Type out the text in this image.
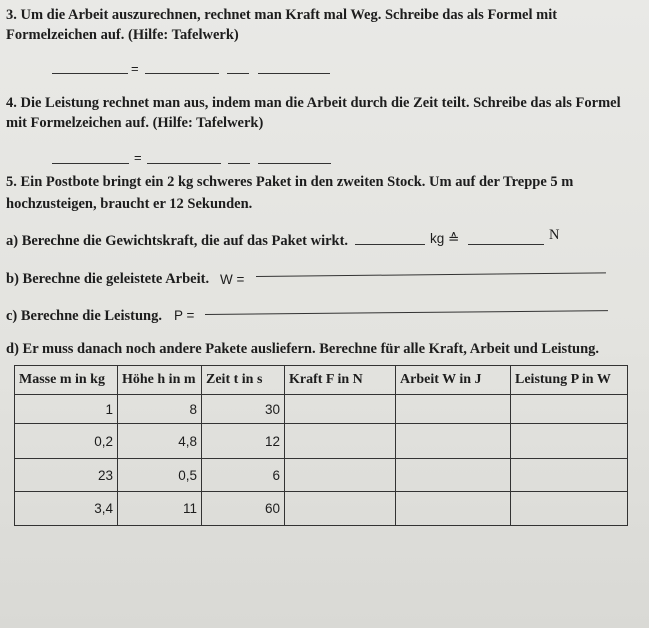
3. Um die Arbeit auszurechnen, rechnet man Kraft mal Weg. Schreibe das als Formel mit
Formelzeichen auf. (Hilfe: Tafelwerk)
=
4. Die Leistung rechnet man aus, indem man die Arbeit durch die Zeit teilt. Schreibe das als Formel
mit Formelzeichen auf. (Hilfe: Tafelwerk)
=
5. Ein Postbote bringt ein 2 kg schweres Paket in den zweiten Stock. Um auf der Treppe 5 m
hochzusteigen, braucht er 12 Sekunden.
a) Berechne die Gewichtskraft, die auf das Paket wirkt.	kg ≙	N
b) Berechne die geleistete Arbeit. W =
c) Berechne die Leistung. P =
d) Er muss danach noch andere Pakete ausliefern. Berechne für alle Kraft, Arbeit und Leistung.
Masse m in kg	Höhe h in m	Zeit t in s	Kraft F in N	Arbeit W in J	Leistung P in W
1	8	30			
0,2	4,8	12			
23	0,5	6			
3,4	11	60			
